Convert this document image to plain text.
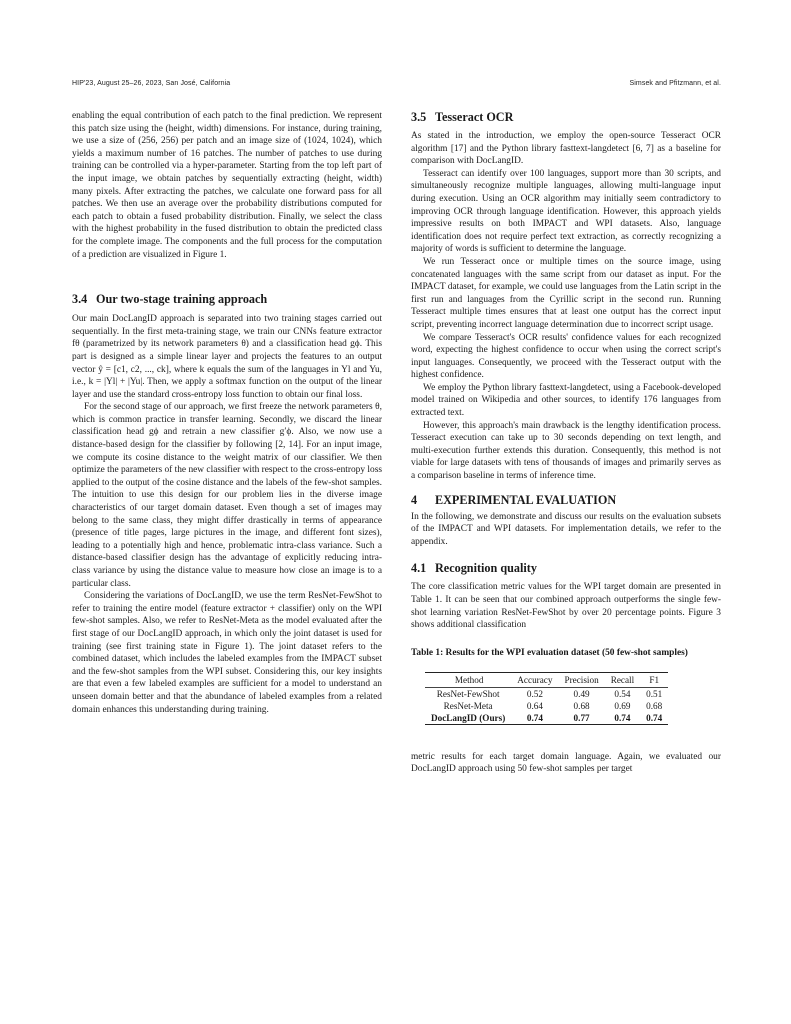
HIP'23, August 25–26, 2023, San José, California	Simsek and Pfitzmann, et al.

enabling the equal contribution of each patch to the final prediction. We represent this patch size using the (height, width) dimensions. For instance, during training, we use a size of (256, 256) per patch and an image size of (1024, 1024), which yields a maximum number of 16 patches. The number of patches to use during training can be controlled via a hyper-parameter. Starting from the top left part of the input image, we obtain patches by sequentially extracting (height, width) many pixels. After extracting the patches, we calculate one forward pass for all patches. We then use an average over the probability distributions computed for each patch to obtain a fused probability distribution. Finally, we select the class with the highest probability in the fused distribution to obtain the predicted class for the complete image. The components and the full process for the computation of a prediction are visualized in Figure 1.

3.4 Our two-stage training approach

Our main DocLangID approach is separated into two training stages carried out sequentially. In the first meta-training stage, we train our CNNs feature extractor fθ (parametrized by its network parameters θ) and a classification head gϕ. This part is designed as a simple linear layer and projects the features to an output vector ŷ = [c1, c2, ..., ck], where k equals the sum of the languages in Yl and Yu, i.e., k = |Yl| + |Yu|. Then, we apply a softmax function on the output of the linear layer and use the standard cross-entropy loss function to obtain our final loss.

For the second stage of our approach, we first freeze the network parameters θ, which is common practice in transfer learning. Secondly, we discard the linear classification head gϕ and retrain a new classifier g′ϕ. Also, we now use a distance-based design for the classifier by following [2, 14]. For an input image, we compute its cosine distance to the weight matrix of our classifier. We then optimize the parameters of the new classifier with respect to the cross-entropy loss applied to the output of the cosine distance and the labels of the few-shot samples. The intuition to use this design for our problem lies in the diverse image characteristics of our target domain dataset. Even though a set of images may belong to the same class, they might differ drastically in terms of appearance (presence of title pages, large pictures in the image, and different font sizes), leading to a potentially high and hence, problematic intra-class variance. Such a distance-based classifier design has the advantage of explicitly reducing intra-class variance by using the distance value to measure how close an image is to a particular class.

Considering the variations of DocLangID, we use the term ResNet-FewShot to refer to training the entire model (feature extractor + classifier) only on the WPI few-shot samples. Also, we refer to ResNet-Meta as the model evaluated after the first stage of our DocLangID approach, in which only the joint dataset is used for training (see first training state in Figure 1). The joint dataset refers to the combined dataset, which includes the labeled examples from the IMPACT subset and the few-shot samples from the WPI subset. Considering this, our key insights are that even a few labeled examples are sufficient for a model to understand an unseen domain better and that the abundance of labeled examples from a related domain enhances this understanding during training.

3.5 Tesseract OCR

As stated in the introduction, we employ the open-source Tesseract OCR algorithm [17] and the Python library fasttext-langdetect [6, 7] as a baseline for comparison with DocLangID.

Tesseract can identify over 100 languages, support more than 30 scripts, and simultaneously recognize multiple languages, allowing multi-language input during execution. Using an OCR algorithm may initially seem contradictory to improving OCR through language identification. However, this approach yields impressive results on both IMPACT and WPI datasets. Also, language identification does not require perfect text extraction, as correctly recognizing a majority of words is sufficient to determine the language.

We run Tesseract once or multiple times on the source image, using concatenated languages with the same script from our dataset as input. For the IMPACT dataset, for example, we could use languages from the Latin script in the first run and languages from the Cyrillic script in the second run. Running Tesseract multiple times ensures that at least one output has the correct input script, preventing incorrect language determination due to incorrect script usage.

We compare Tesseract's OCR results' confidence values for each recognized word, expecting the highest confidence to occur when using the correct script's input languages. Consequently, we proceed with the Tesseract output with the highest confidence.

We employ the Python library fasttext-langdetect, using a Facebook-developed model trained on Wikipedia and other sources, to identify 176 languages from extracted text.

However, this approach's main drawback is the lengthy identification process. Tesseract execution can take up to 30 seconds depending on text length, and multi-execution further extends this duration. Consequently, this method is not viable for large datasets with tens of thousands of images and primarily serves as a comparison baseline in terms of inference time.

4 EXPERIMENTAL EVALUATION

In the following, we demonstrate and discuss our results on the evaluation subsets of the IMPACT and WPI datasets. For implementation details, we refer to the appendix.

4.1 Recognition quality

The core classification metric values for the WPI target domain are presented in Table 1. It can be seen that our combined approach outperforms the single few-shot learning variation ResNet-FewShot by over 20 percentage points. Figure 3 shows additional classification

Table 1: Results for the WPI evaluation dataset (50 few-shot samples)

Method	Accuracy	Precision	Recall	F1
ResNet-FewShot	0.52	0.49	0.54	0.51
ResNet-Meta	0.64	0.68	0.69	0.68
DocLangID (Ours)	0.74	0.77	0.74	0.74

metric results for each target domain language. Again, we evaluated our DocLangID approach using 50 few-shot samples per target
